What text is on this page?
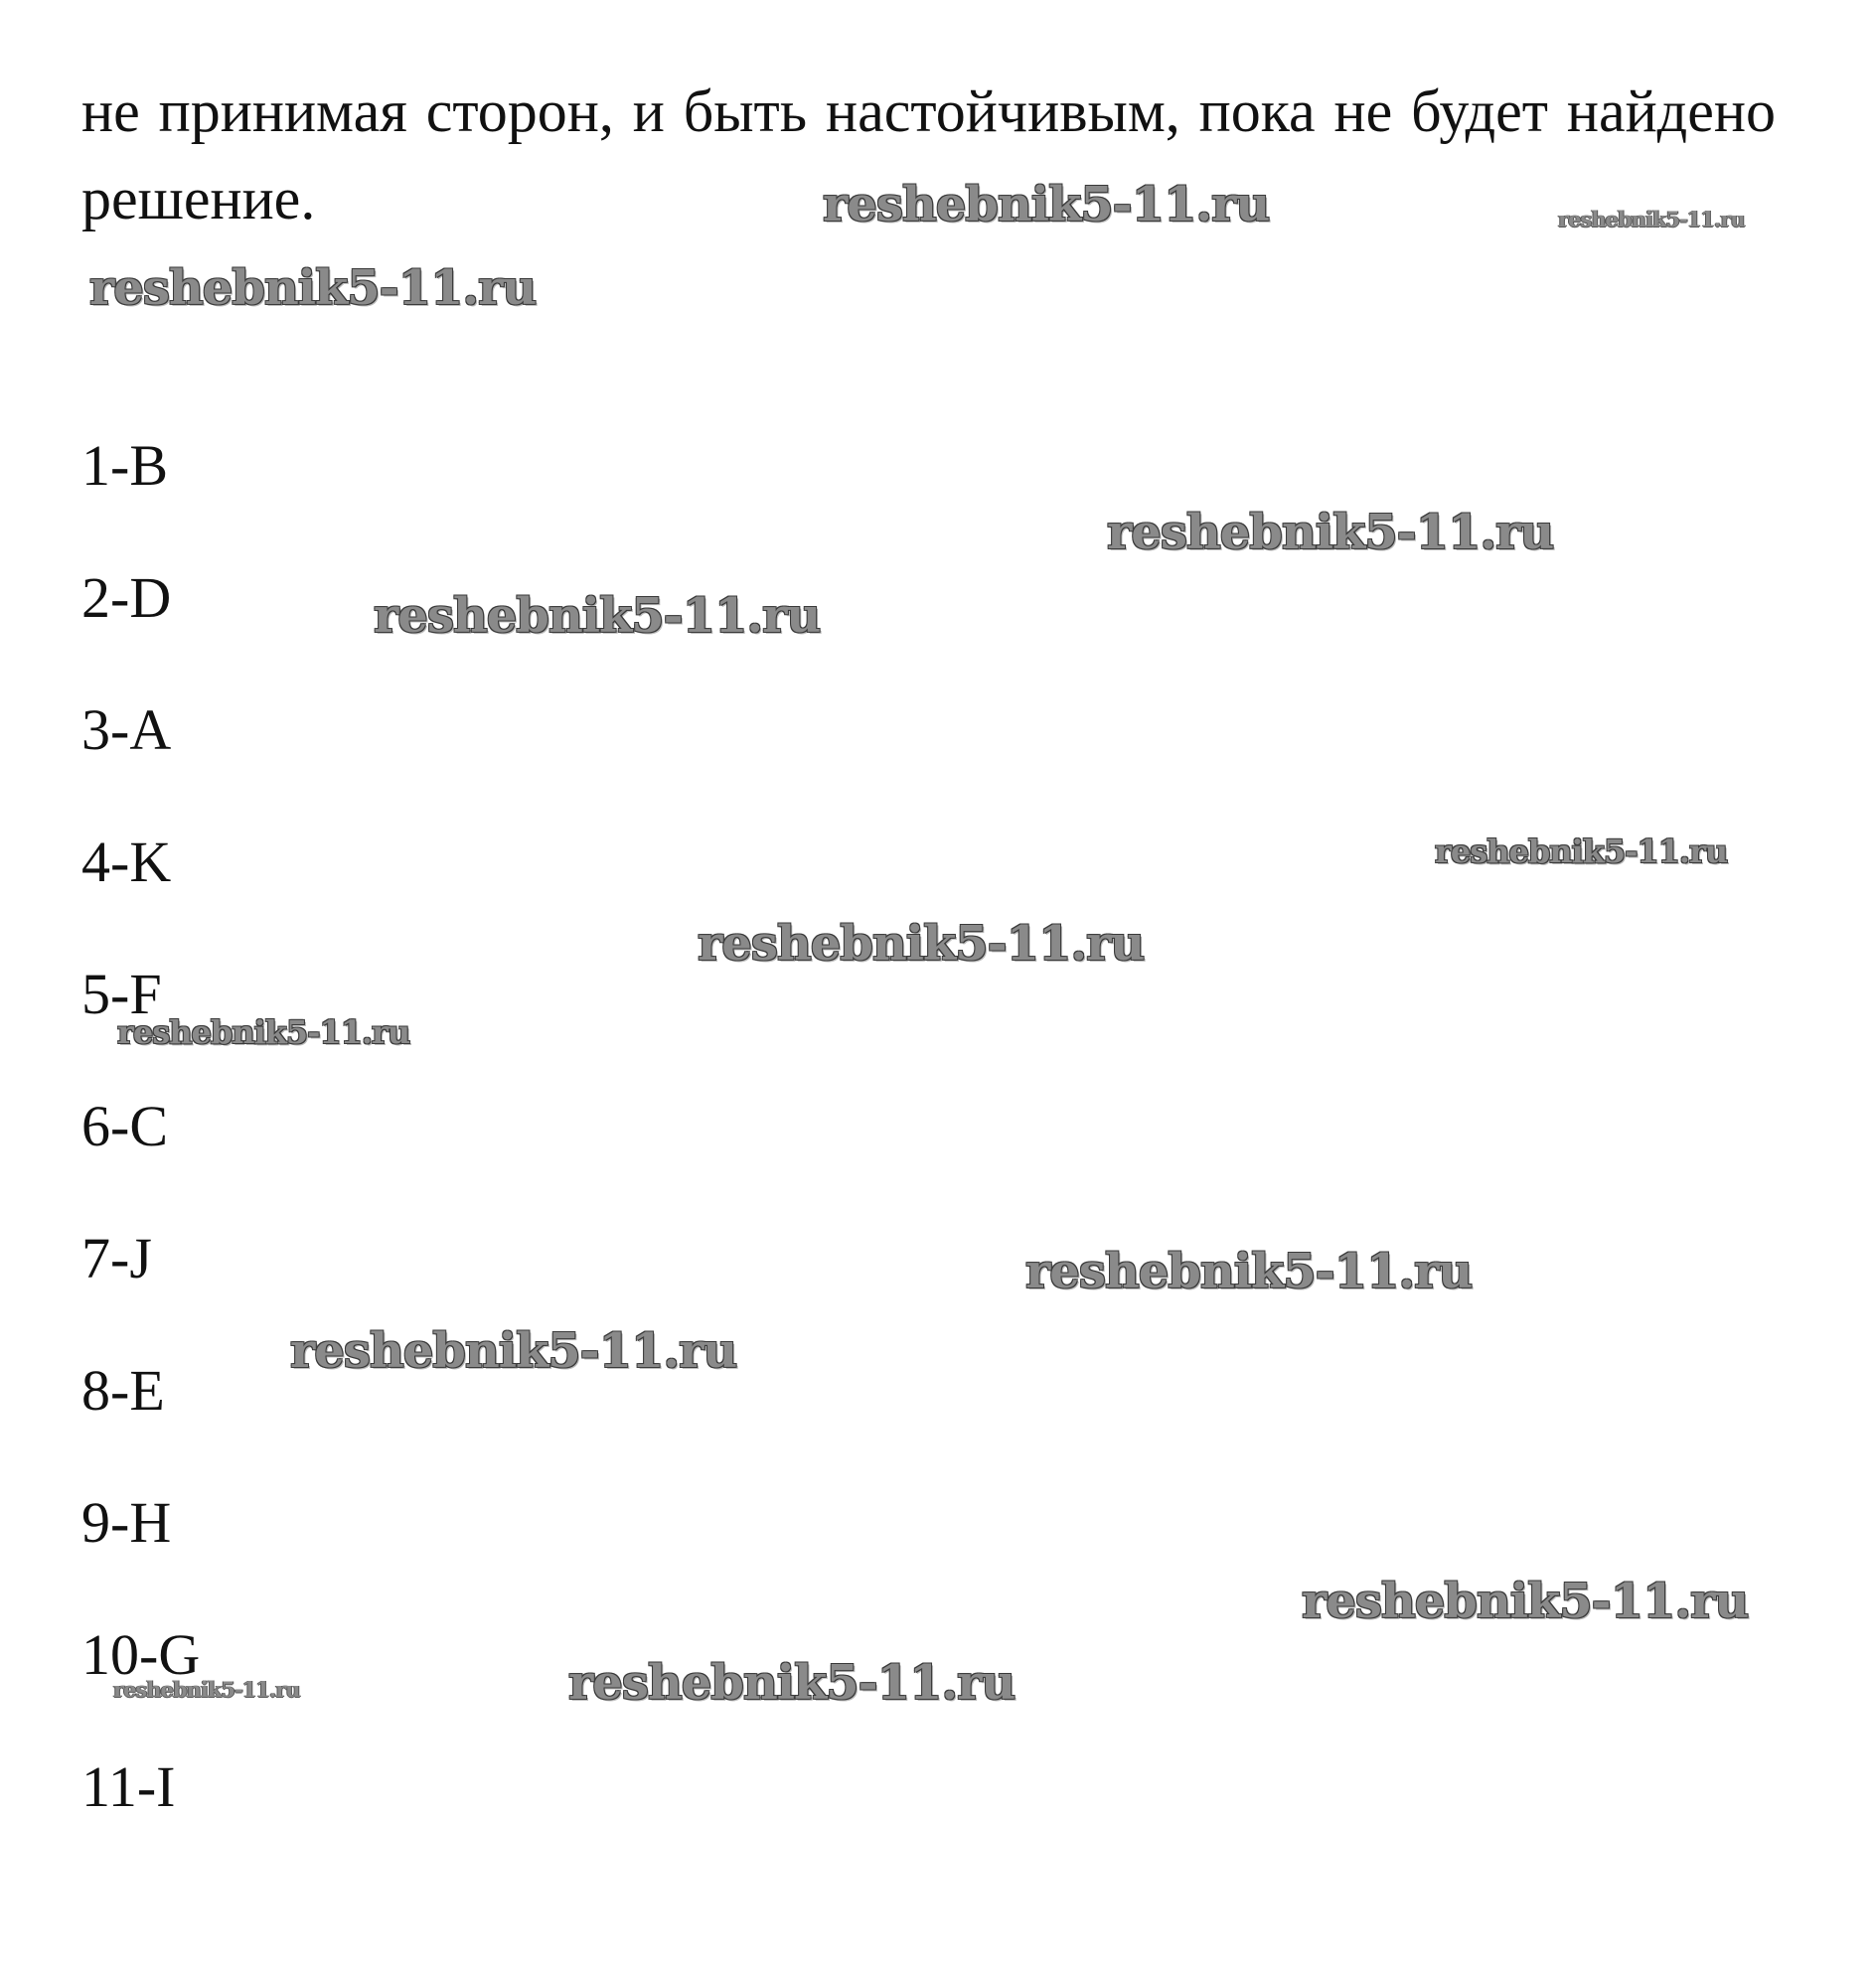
не принимая сторон, и быть настойчивым, пока не будет найдено
решение.
1-B
2-D
3-A
4-K
5-F
6-C
7-J
8-E
9-H
10-G
11-I
reshebnik5-11.ru	reshebnik5-11.ru
reshebnik5-11.ru
reshebnik5-11.ru
reshebnik5-11.ru
reshebnik5-11.ru
reshebnik5-11.ru
reshebnik5-11.ru
reshebnik5-11.ru
reshebnik5-11.ru
reshebnik5-11.ru
reshebnik5-11.ru
reshebnik5-11.ru
